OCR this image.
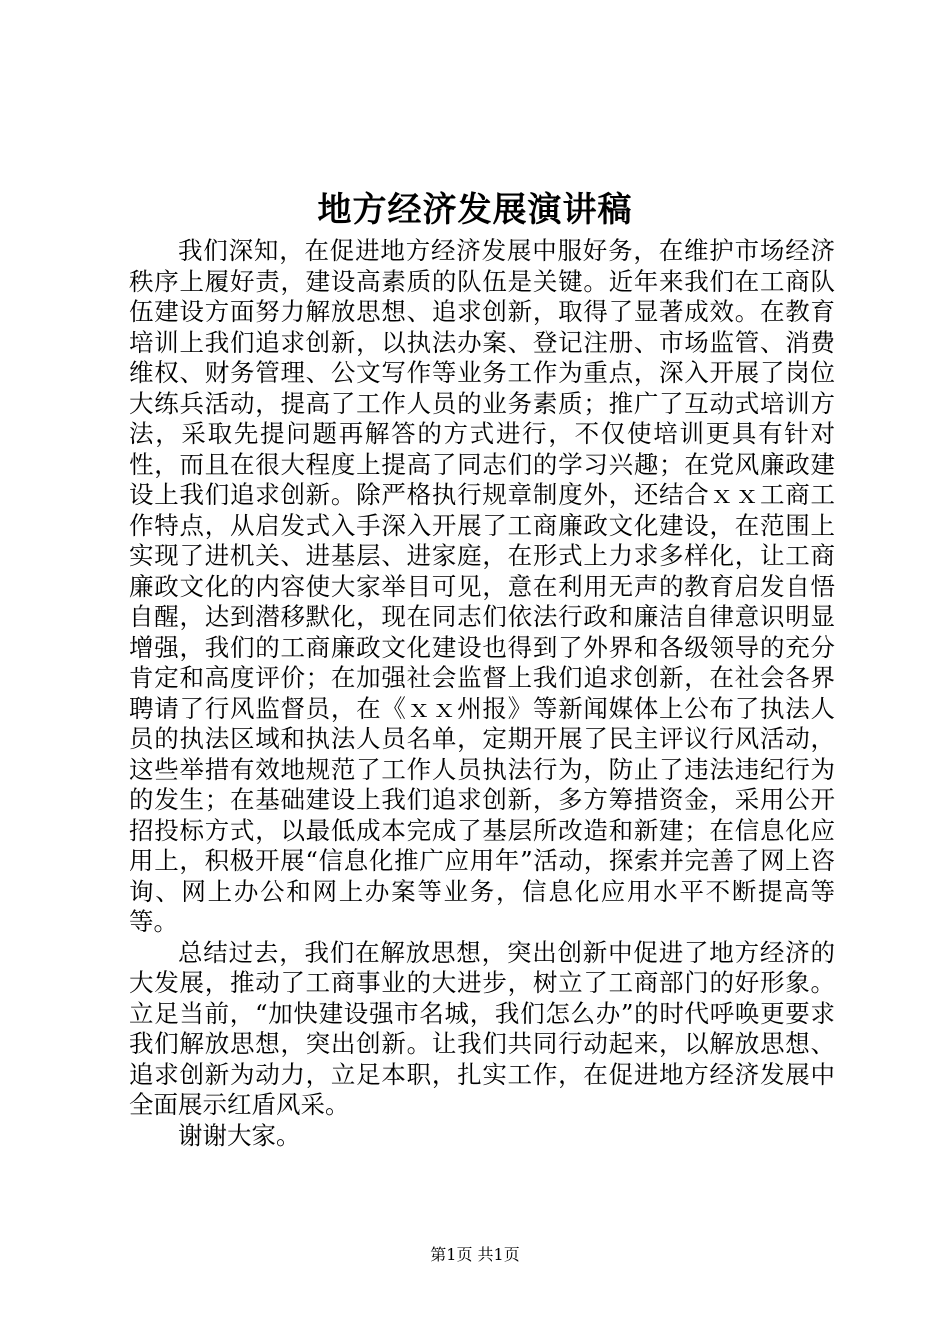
地方经济发展演讲稿

我们深知，在促进地方经济发展中服好务，在维护市场经济秩序上履好责，建设高素质的队伍是关键。近年来我们在工商队伍建设方面努力解放思想、追求创新，取得了显著成效。在教育培训上我们追求创新，以执法办案、登记注册、市场监管、消费维权、财务管理、公文写作等业务工作为重点，深入开展了岗位大练兵活动，提高了工作人员的业务素质；推广了互动式培训方法，采取先提问题再解答的方式进行，不仅使培训更具有针对性，而且在很大程度上提高了同志们的学习兴趣；在党风廉政建设上我们追求创新。除严格执行规章制度外，还结合ｘｘ工商工作特点，从启发式入手深入开展了工商廉政文化建设，在范围上实现了进机关、进基层、进家庭，在形式上力求多样化，让工商廉政文化的内容使大家举目可见，意在利用无声的教育启发自悟自醒，达到潜移默化，现在同志们依法行政和廉洁自律意识明显增强，我们的工商廉政文化建设也得到了外界和各级领导的充分肯定和高度评价；在加强社会监督上我们追求创新，在社会各界聘请了行风监督员，在《ｘｘ州报》等新闻媒体上公布了执法人员的执法区域和执法人员名单，定期开展了民主评议行风活动，这些举措有效地规范了工作人员执法行为，防止了违法违纪行为的发生；在基础建设上我们追求创新，多方筹措资金，采用公开招投标方式，以最低成本完成了基层所改造和新建；在信息化应用上，积极开展“信息化推广应用年”活动，探索并完善了网上咨询、网上办公和网上办案等业务，信息化应用水平不断提高等等。

总结过去，我们在解放思想，突出创新中促进了地方经济的大发展，推动了工商事业的大进步，树立了工商部门的好形象。立足当前，“加快建设强市名城，我们怎么办”的时代呼唤更要求我们解放思想，突出创新。让我们共同行动起来，以解放思想、追求创新为动力，立足本职，扎实工作，在促进地方经济发展中全面展示红盾风采。

谢谢大家。

第1页 共1页
